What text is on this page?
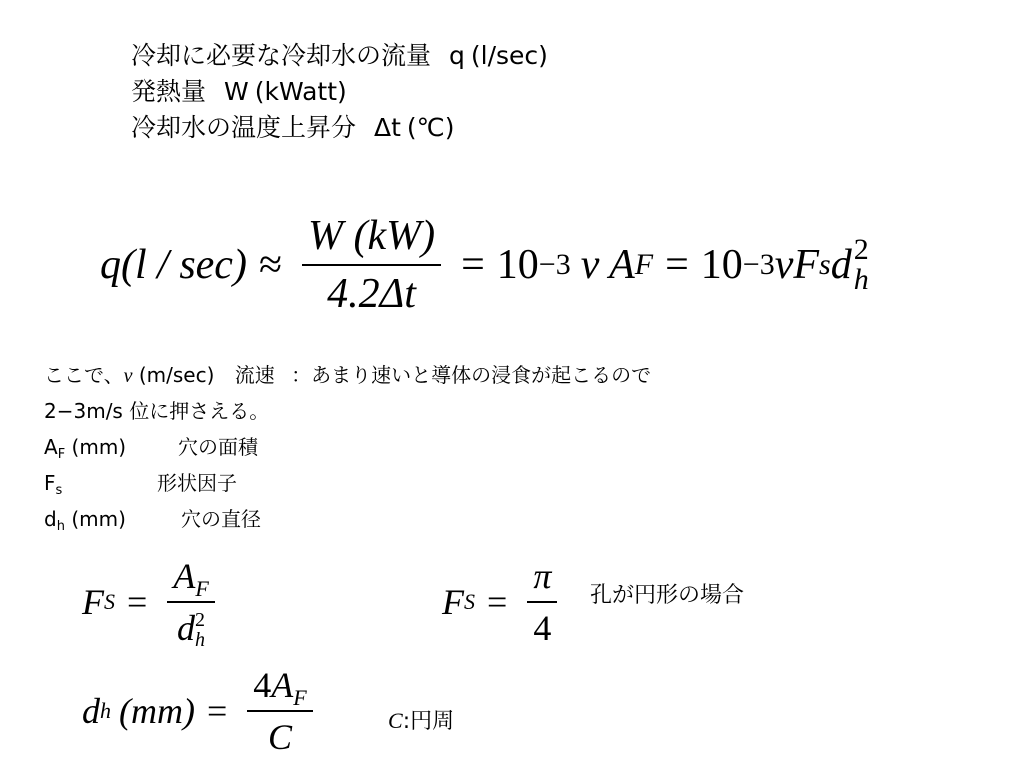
冷却に必要な冷却水の流量 q (l/sec)
発熱量 W (kWatt)
冷却水の温度上昇分 Δt (℃)
q $(l / \sec) \approx \frac{W (kW)}{4.2\Delta t} = 10 -3$ v A F = 10 −3 vF s d 2
h
ここで、ν (m/sec) 流速 ：あまり速いと導体の浸食が起こるので
2−3m/s 位に押さえる。
$A_F$ (mm)	穴の面積
$F_s$	形状因子
$d_h$ (mm)	穴の直径
F $S = A_F$
d 2
h	F $S = \frac{\pi}{4}$ 孔が円形の場合
d h $(mm) = \frac{4A_F}{C}$	C:円周
